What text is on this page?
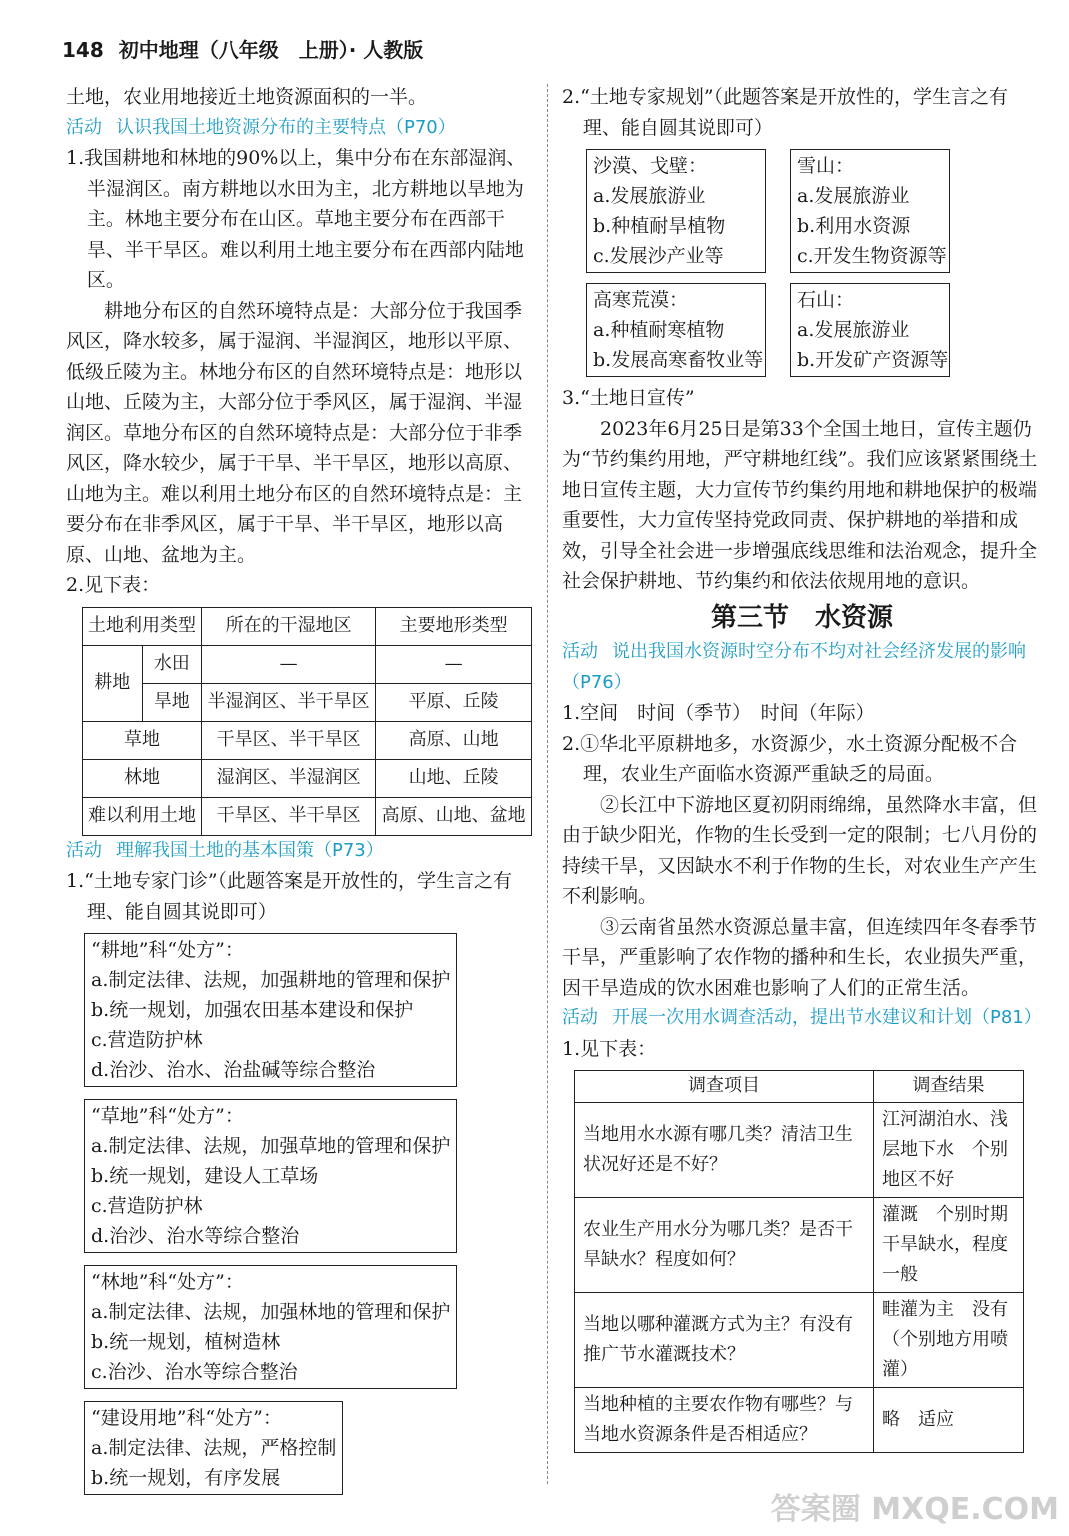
148 初中地理（八年级　上册）· 人教版

土地，农业用地接近土地资源面积的一半。

活动 认识我国土地资源分布的主要特点（P70）

1.我国耕地和林地的90%以上，集中分布在东部湿润、半湿润区。南方耕地以水田为主，北方耕地以旱地为主。林地主要分布在山区。草地主要分布在西部干旱、半干旱区。难以利用土地主要分布在西部内陆地区。

耕地分布区的自然环境特点是：大部分位于我国季风区，降水较多，属于湿润、半湿润区，地形以平原、低级丘陵为主。林地分布区的自然环境特点是：地形以山地、丘陵为主，大部分位于季风区，属于湿润、半湿润区。草地分布区的自然环境特点是：大部分位于非季风区，降水较少，属于干旱、半干旱区，地形以高原、山地为主。难以利用土地分布区的自然环境特点是：主要分布在非季风区，属于干旱、半干旱区，地形以高原、山地、盆地为主。

2.见下表：

土地利用类型		所在的干湿地区	主要地形类型
耕地	水田	—	—
	旱地	半湿润区、半干旱区	平原、丘陵
草地		干旱区、半干旱区	高原、山地
林地		湿润区、半湿润区	山地、丘陵
难以利用土地		干旱区、半干旱区	高原、山地、盆地

活动 理解我国土地的基本国策（P73）

1.“土地专家门诊”（此题答案是开放性的，学生言之有理、能自圆其说即可）

“耕地”科“处方”：
a.制定法律、法规，加强耕地的管理和保护
b.统一规划，加强农田基本建设和保护
c.营造防护林
d.治沙、治水、治盐碱等综合整治

“草地”科“处方”：
a.制定法律、法规，加强草地的管理和保护
b.统一规划，建设人工草场
c.营造防护林
d.治沙、治水等综合整治

“林地”科“处方”：
a.制定法律、法规，加强林地的管理和保护
b.统一规划，植树造林
c.治沙、治水等综合整治

“建设用地”科“处方”：
a.制定法律、法规，严格控制
b.统一规划，有序发展

2.“土地专家规划”（此题答案是开放性的，学生言之有理、能自圆其说即可）

沙漠、戈壁：
a.发展旅游业
b.种植耐旱植物
c.发展沙产业等
雪山：
a.发展旅游业
b.利用水资源
c.开发生物资源等
高寒荒漠：
a.种植耐寒植物
b.发展高寒畜牧业等
石山：
a.发展旅游业
b.开发矿产资源等

3.“土地日宣传”

2023年6月25日是第33个全国土地日，宣传主题仍为“节约集约用地，严守耕地红线”。我们应该紧紧围绕土地日宣传主题，大力宣传节约集约用地和耕地保护的极端重要性，大力宣传坚持党政同责、保护耕地的举措和成效，引导全社会进一步增强底线思维和法治观念，提升全社会保护耕地、节约集约和依法依规用地的意识。

第三节　水资源

活动 说出我国水资源时空分布不均对社会经济发展的影响（P76）

1.空间　时间（季节）　时间（年际）

2.①华北平原耕地多，水资源少，水土资源分配极不合理，农业生产面临水资源严重缺乏的局面。

②长江中下游地区夏初阴雨绵绵，虽然降水丰富，但由于缺少阳光，作物的生长受到一定的限制；七八月份的持续干旱，又因缺水不利于作物的生长，对农业生产产生不利影响。

③云南省虽然水资源总量丰富，但连续四年冬春季节干旱，严重影响了农作物的播种和生长，农业损失严重，因干旱造成的饮水困难也影响了人们的正常生活。

活动 开展一次用水调查活动，提出节水建议和计划（P81）

1.见下表：

调查项目	调查结果
当地用水水源有哪几类？清洁卫生状况好还是不好？	江河湖泊水、浅层地下水　个别地区不好
农业生产用水分为哪几类？是否干旱缺水？程度如何？	灌溉　个别时期干旱缺水，程度一般
当地以哪种灌溉方式为主？有没有推广节水灌溉技术？	畦灌为主　没有（个别地方用喷灌）
当地种植的主要农作物有哪些？与当地水资源条件是否相适应？	略　适应
答案圈 MXQE.COM
